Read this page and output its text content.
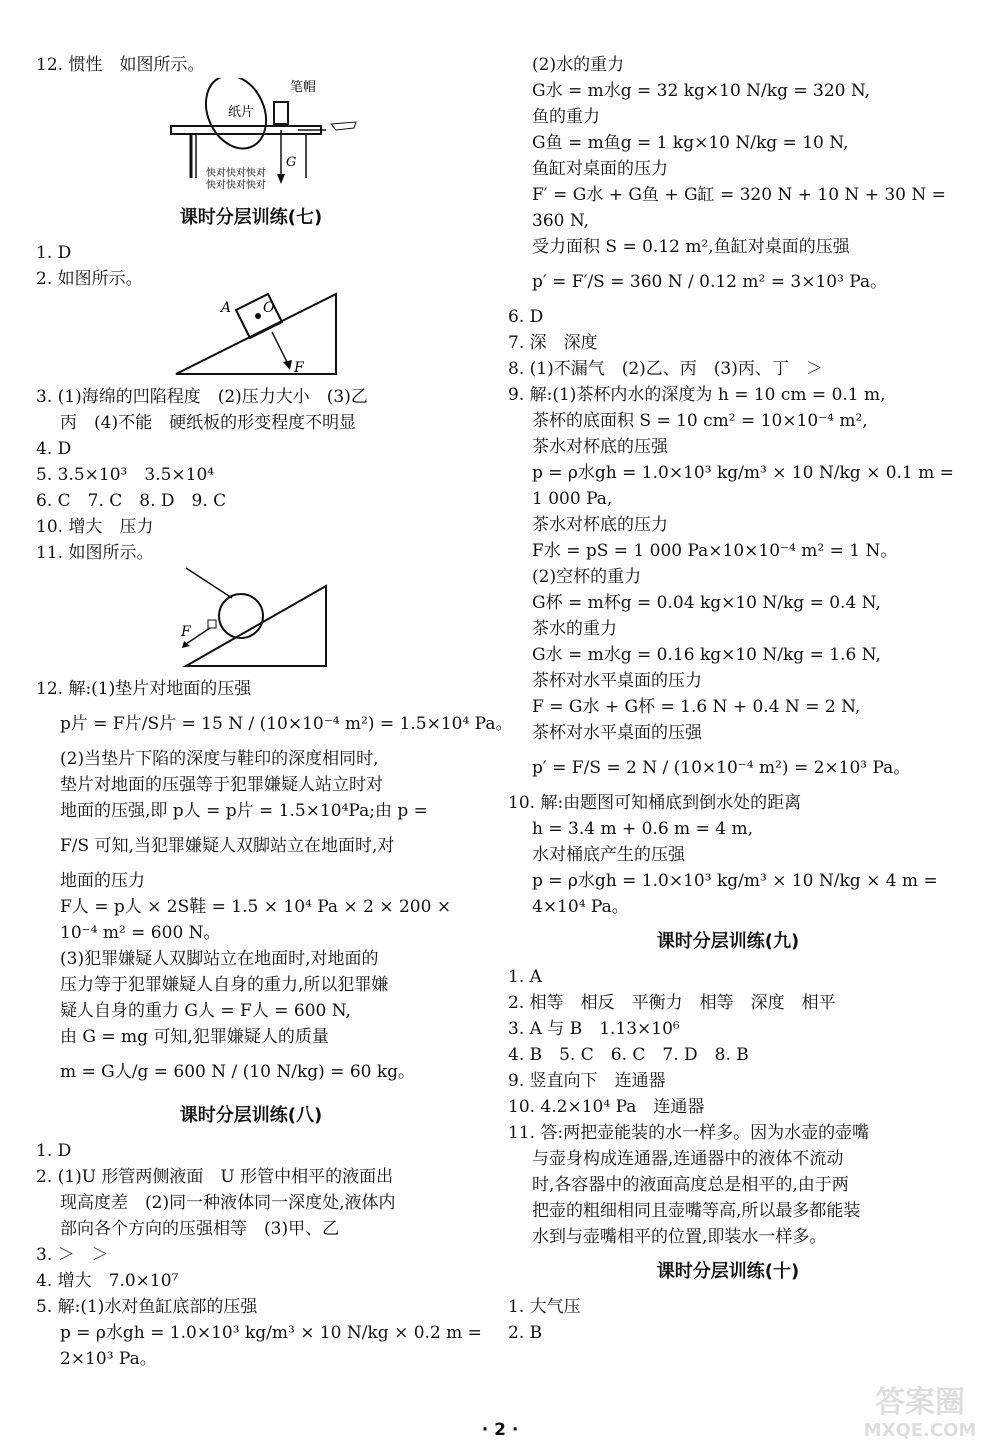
12. 惯性　如图所示。
笔帽
纸片
G
快对快对快对
快对快对快对
课时分层训练(七)
1. D
2. 如图所示。
A O
F
3. (1)海绵的凹陷程度　(2)压力大小　(3)乙
丙　(4)不能　硬纸板的形变程度不明显
4. D
5. 3.5×10³　3.5×10⁴
6. C　7. C　8. D　9. C
10. 增大　压力
11. 如图所示。
F
12. 解:(1)垫片对地面的压强
p片 = F片/S片 = 15 N / (10×10⁻⁴ m²) = 1.5×10⁴ Pa。
(2)当垫片下陷的深度与鞋印的深度相同时,
垫片对地面的压强等于犯罪嫌疑人站立时对
地面的压强,即 p人 = p片 = 1.5×10⁴Pa;由 p =
F/S 可知,当犯罪嫌疑人双脚站立在地面时,对
地面的压力
F人 = p人 × 2S鞋 = 1.5 × 10⁴ Pa × 2 × 200 ×
10⁻⁴ m² = 600 N。
(3)犯罪嫌疑人双脚站立在地面时,对地面的
压力等于犯罪嫌疑人自身的重力,所以犯罪嫌
疑人自身的重力 G人 = F人 = 600 N,
由 G = mg 可知,犯罪嫌疑人的质量
m = G人/g = 600 N / (10 N/kg) = 60 kg。
课时分层训练(八)
1. D
2. (1)U 形管两侧液面　U 形管中相平的液面出
现高度差　(2)同一种液体同一深度处,液体内
部向各个方向的压强相等　(3)甲、乙
3. ＞　＞
4. 增大　7.0×10⁷
5. 解:(1)水对鱼缸底部的压强
p = ρ水gh = 1.0×10³ kg/m³ × 10 N/kg × 0.2 m =
2×10³ Pa。
(2)水的重力
G水 = m水g = 32 kg×10 N/kg = 320 N,
鱼的重力
G鱼 = m鱼g = 1 kg×10 N/kg = 10 N,
鱼缸对桌面的压力
F′ = G水 + G鱼 + G缸 = 320 N + 10 N + 30 N =
360 N,
受力面积 S = 0.12 m²,鱼缸对桌面的压强
p′ = F′/S = 360 N / 0.12 m² = 3×10³ Pa。
6. D
7. 深　深度
8. (1)不漏气　(2)乙、丙　(3)丙、丁　＞
9. 解:(1)茶杯内水的深度为 h = 10 cm = 0.1 m,
茶杯的底面积 S = 10 cm² = 10×10⁻⁴ m²,
茶水对杯底的压强
p = ρ水gh = 1.0×10³ kg/m³ × 10 N/kg × 0.1 m =
1 000 Pa,
茶水对杯底的压力
F水 = pS = 1 000 Pa×10×10⁻⁴ m² = 1 N。
(2)空杯的重力
G杯 = m杯g = 0.04 kg×10 N/kg = 0.4 N,
茶水的重力
G水 = m水g = 0.16 kg×10 N/kg = 1.6 N,
茶杯对水平桌面的压力
F = G水 + G杯 = 1.6 N + 0.4 N = 2 N,
茶杯对水平桌面的压强
p′ = F/S = 2 N / (10×10⁻⁴ m²) = 2×10³ Pa。
10. 解:由题图可知桶底到倒水处的距离
h = 3.4 m + 0.6 m = 4 m,
水对桶底产生的压强
p = ρ水gh = 1.0×10³ kg/m³ × 10 N/kg × 4 m =
4×10⁴ Pa。
课时分层训练(九)
1. A
2. 相等　相反　平衡力　相等　深度　相平
3. A 与 B　1.13×10⁶
4. B　5. C　6. C　7. D　8. B
9. 竖直向下　连通器
10. 4.2×10⁴ Pa　连通器
11. 答:两把壶能装的水一样多。因为水壶的壶嘴
与壶身构成连通器,连通器中的液体不流动
时,各容器中的液面高度总是相平的,由于两
把壶的粗细相同且壶嘴等高,所以最多都能装
水到与壶嘴相平的位置,即装水一样多。
课时分层训练(十)
1. 大气压
2. B
· 2 ·
答案圈
MXQE.COM
